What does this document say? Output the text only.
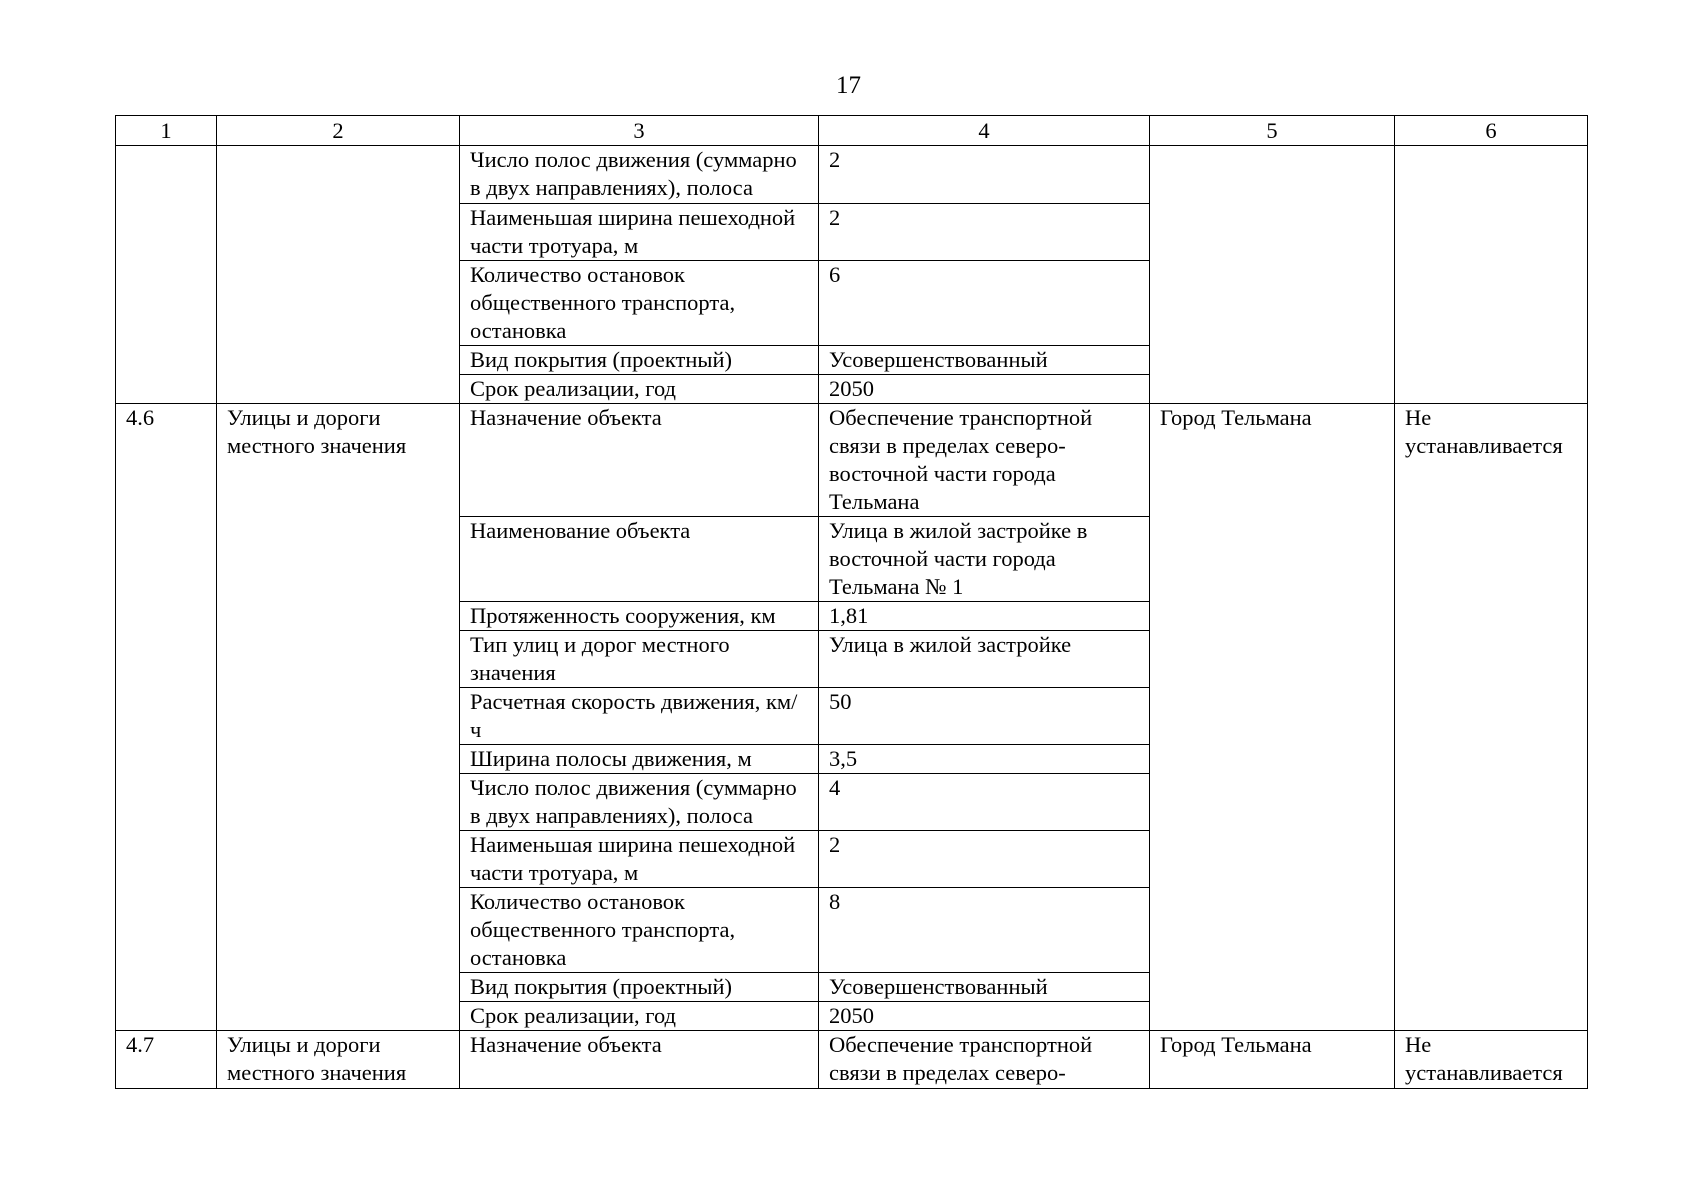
17
1	2	3	4	5	6
		Число полос движения (суммарно в двух направлениях), полоса	2		
		Наименьшая ширина пешеходной части тротуара, м	2		
		Количество остановок общественного транспорта, остановка	6		
		Вид покрытия (проектный)	Усовершенствованный		
		Срок реализации, год	2050		
4.6	Улицы и дороги местного значения	Назначение объекта	Обеспечение транспортной связи в пределах северо-восточной части города Тельмана	Город Тельмана	Не устанавливается
		Наименование объекта	Улица в жилой застройке в восточной части города Тельмана № 1		
		Протяженность сооружения, км	1,81		
		Тип улиц и дорог местного значения	Улица в жилой застройке		
		Расчетная скорость движения, км/ч	50		
		Ширина полосы движения, м	3,5		
		Число полос движения (суммарно в двух направлениях), полоса	4		
		Наименьшая ширина пешеходной части тротуара, м	2		
		Количество остановок общественного транспорта, остановка	8		
		Вид покрытия (проектный)	Усовершенствованный		
		Срок реализации, год	2050		
4.7	Улицы и дороги местного значения	Назначение объекта	Обеспечение транспортной связи в пределах северо-	Город Тельмана	Не устанавливается
